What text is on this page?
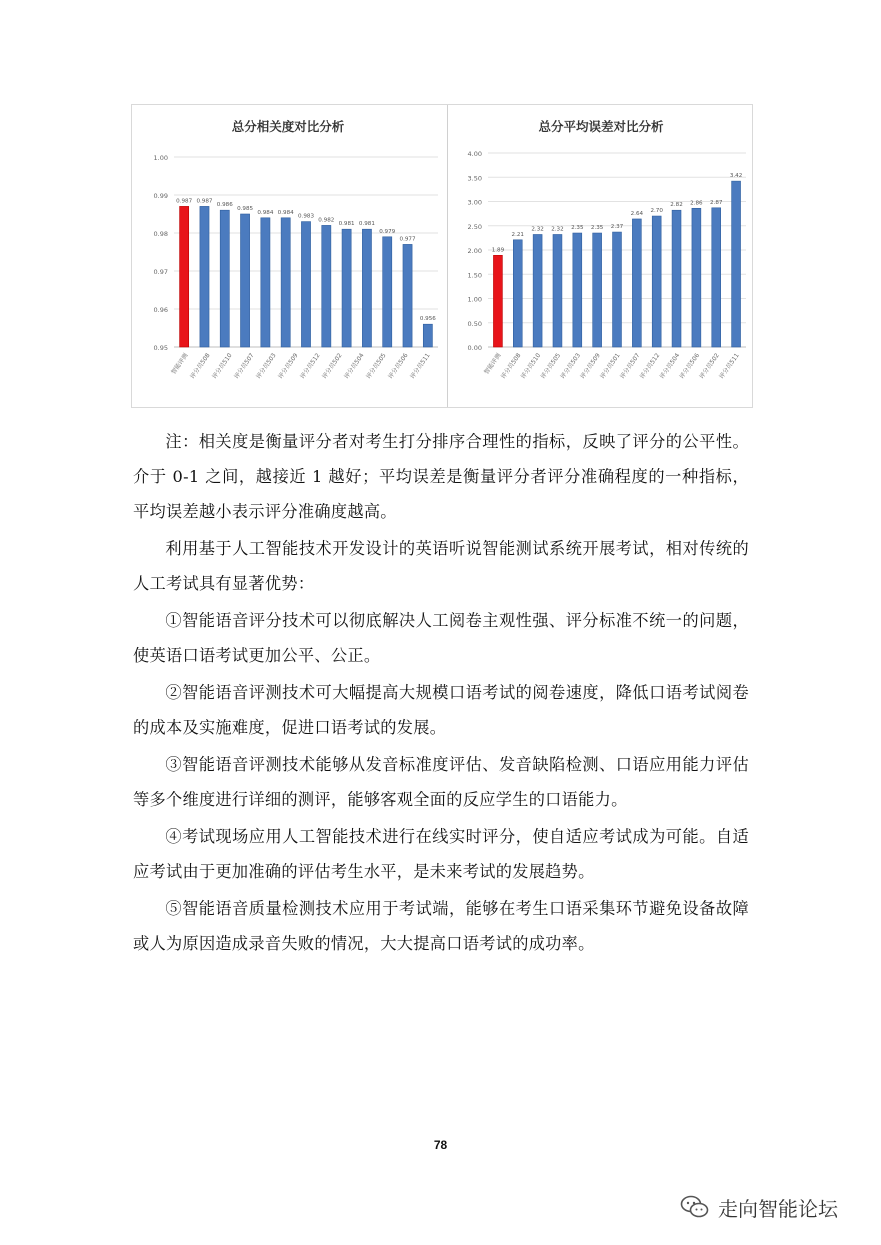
总分相关度对比分析
1.00
0.99
0.98
0.97
0.96
0.95
0.987 0.987
0.986
0.985
0.984 0.984
0.983
0.982
0.981 0.981
0.979
0.977
0.956
智能评测 评分员508 评分员510 评分员507 评分员503 评分员509 评分员512 评分员502 评分员504 评分员505 评分员506 评分员511
总分平均误差对比分析
4.00
3.50
3.00
2.50
2.00
1.50
1.00
0.50
0.00
1.89
2.21
2.32 2.32 2.35 2.35 2.37
2.64 2.70
2.82 2.86 2.87
3.42
智能评测
评分员508
评分员510
评分员505
评分员503
评分员509
评分员501
评分员507
评分员512
评分员504
评分员506
评分员502
评分员511

注：相关度是衡量评分者对考生打分排序合理性的指标，反映了评分的公平性。介于 0-1 之间，越接近 1 越好；平均误差是衡量评分者评分准确程度的一种指标，平均误差越小表示评分准确度越高。

利用基于人工智能技术开发设计的英语听说智能测试系统开展考试，相对传统的人工考试具有显著优势：

①智能语音评分技术可以彻底解决人工阅卷主观性强、评分标准不统一的问题，使英语口语考试更加公平、公正。

②智能语音评测技术可大幅提高大规模口语考试的阅卷速度，降低口语考试阅卷的成本及实施难度，促进口语考试的发展。

③智能语音评测技术能够从发音标准度评估、发音缺陷检测、口语应用能力评估等多个维度进行详细的测评，能够客观全面的反应学生的口语能力。

④考试现场应用人工智能技术进行在线实时评分，使自适应考试成为可能。自适应考试由于更加准确的评估考生水平，是未来考试的发展趋势。

⑤智能语音质量检测技术应用于考试端，能够在考生口语采集环节避免设备故障或人为原因造成录音失败的情况，大大提高口语考试的成功率。

78
走向智能论坛
